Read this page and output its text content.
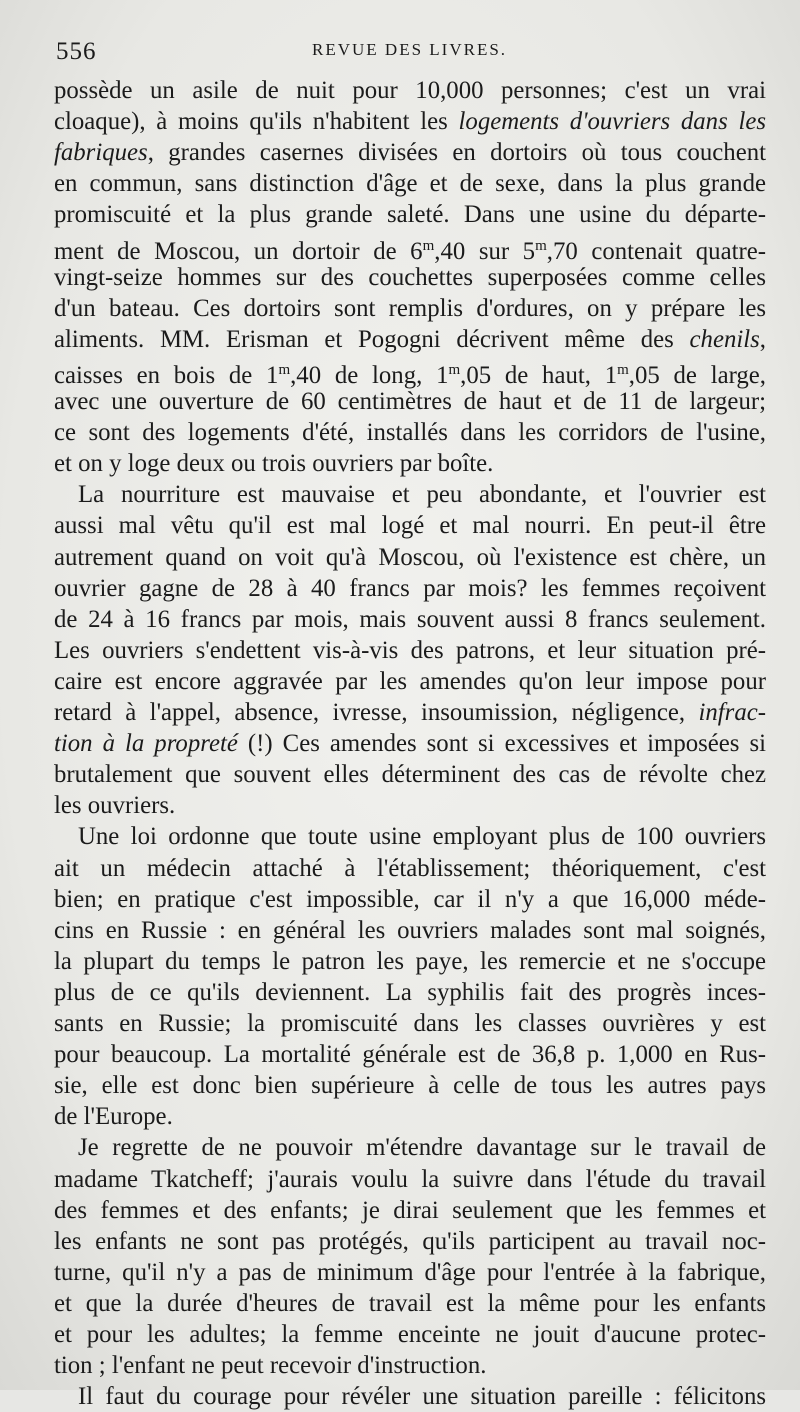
556	REVUE DES LIVRES.
possède un asile de nuit pour 10,000 personnes; c'est un vrai
cloaque), à moins qu'ils n'habitent les logements d'ouvriers dans les
fabriques, grandes casernes divisées en dortoirs où tous couchent
en commun, sans distinction d'âge et de sexe, dans la plus grande
promiscuité et la plus grande saleté. Dans une usine du départe-
ment de Moscou, un dortoir de 6$^m$,40 sur 5$^m$,70 contenait quatre-
vingt-seize hommes sur des couchettes superposées comme celles
d'un bateau. Ces dortoirs sont remplis d'ordures, on y prépare les
aliments. MM. Erisman et Pogogni décrivent même des chenils,
caisses en bois de 1$^m$,40 de long, 1$^m$,05 de haut, 1$^m$,05 de large,
avec une ouverture de 60 centimètres de haut et de 11 de largeur;
ce sont des logements d'été, installés dans les corridors de l'usine,
et on y loge deux ou trois ouvriers par boîte.
La nourriture est mauvaise et peu abondante, et l'ouvrier est
aussi mal vêtu qu'il est mal logé et mal nourri. En peut-il être
autrement quand on voit qu'à Moscou, où l'existence est chère, un
ouvrier gagne de 28 à 40 francs par mois? les femmes reçoivent
de 24 à 16 francs par mois, mais souvent aussi 8 francs seulement.
Les ouvriers s'endettent vis-à-vis des patrons, et leur situation pré-
caire est encore aggravée par les amendes qu'on leur impose pour
retard à l'appel, absence, ivresse, insoumission, négligence, infrac-
tion à la propreté (!) Ces amendes sont si excessives et imposées si
brutalement que souvent elles déterminent des cas de révolte chez
les ouvriers.
Une loi ordonne que toute usine employant plus de 100 ouvriers
ait un médecin attaché à l'établissement; théoriquement, c'est
bien; en pratique c'est impossible, car il n'y a que 16,000 méde-
cins en Russie : en général les ouvriers malades sont mal soignés,
la plupart du temps le patron les paye, les remercie et ne s'occupe
plus de ce qu'ils deviennent. La syphilis fait des progrès inces-
sants en Russie; la promiscuité dans les classes ouvrières y est
pour beaucoup. La mortalité générale est de 36,8 p. 1,000 en Rus-
sie, elle est donc bien supérieure à celle de tous les autres pays
de l'Europe.
Je regrette de ne pouvoir m'étendre davantage sur le travail de
madame Tkatcheff; j'aurais voulu la suivre dans l'étude du travail
des femmes et des enfants; je dirai seulement que les femmes et
les enfants ne sont pas protégés, qu'ils participent au travail noc-
turne, qu'il n'y a pas de minimum d'âge pour l'entrée à la fabrique,
et que la durée d'heures de travail est la même pour les enfants
et pour les adultes; la femme enceinte ne jouit d'aucune protec-
tion ; l'enfant ne peut recevoir d'instruction.
Il faut du courage pour révéler une situation pareille : félicitons
